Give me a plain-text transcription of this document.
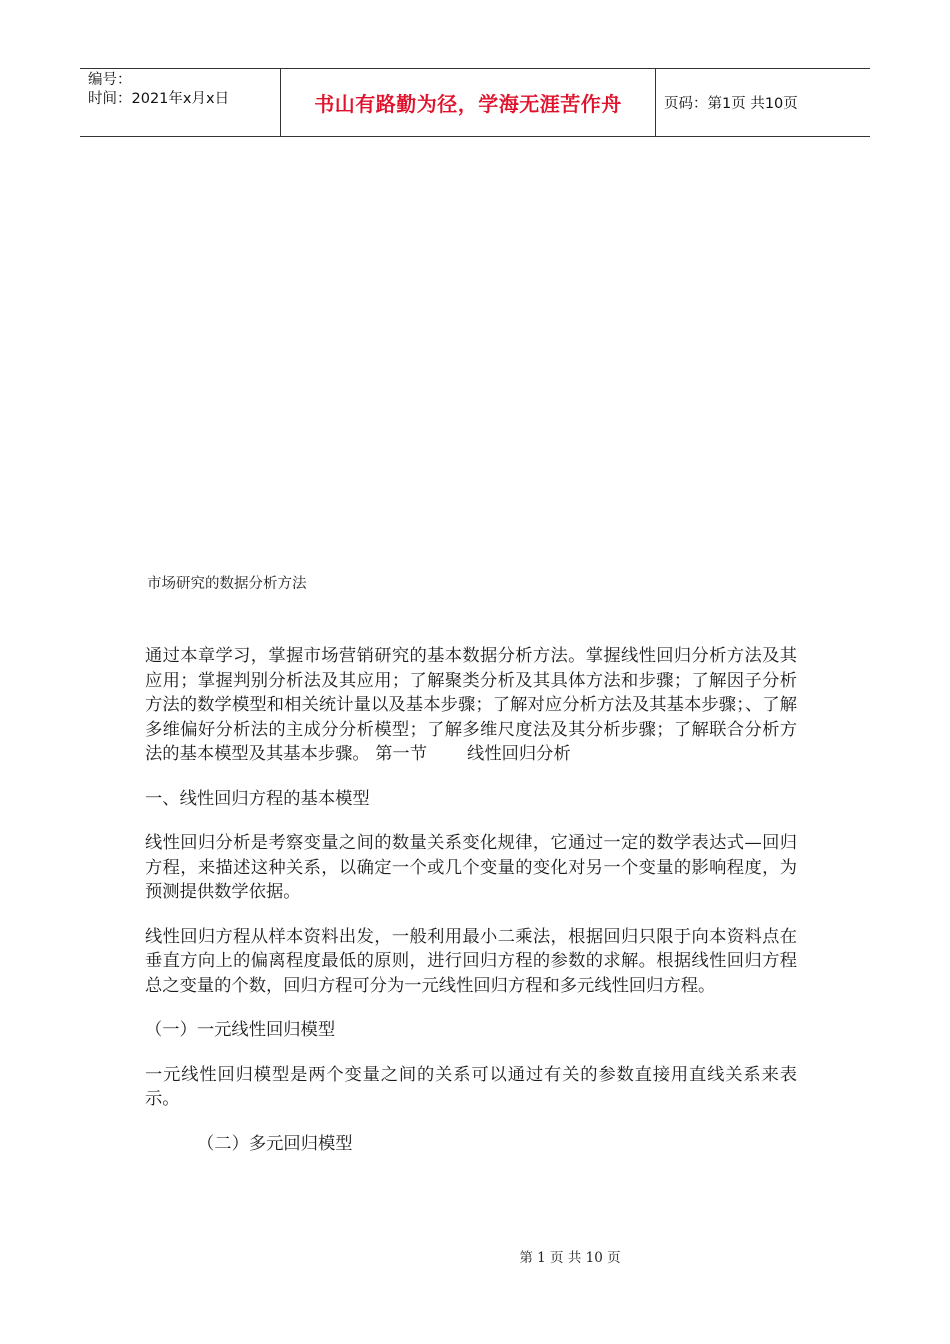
编号：
时间：2021年x月x日	书山有路勤为径，学海无涯苦作舟	页码：第1页 共10页
市场研究的数据分析方法

通过本章学习，掌握市场营销研究的基本数据分析方法。掌握线性回归分析方法及其应用；掌握判别分析法及其应用；了解聚类分析及其具体方法和步骤；了解因子分析方法的数学模型和相关统计量以及基本步骤；了解对应分析方法及其基本步骤；、了解多维偏好分析法的主成分分析模型；了解多维尺度法及其分析步骤；了解联合分析方法的基本模型及其基本步骤。 第一节　　 线性回归分析

一、线性回归方程的基本模型

线性回归分析是考察变量之间的数量关系变化规律，它通过一定的数学表达式—回归方程，来描述这种关系，以确定一个或几个变量的变化对另一个变量的影响程度，为预测提供数学依据。

线性回归方程从样本资料出发，一般利用最小二乘法，根据回归只限于向本资料点在垂直方向上的偏离程度最低的原则，进行回归方程的参数的求解。根据线性回归方程总之变量的个数，回归方程可分为一元线性回归方程和多元线性回归方程。

（一）一元线性回归模型

一元线性回归模型是两个变量之间的关系可以通过有关的参数直接用直线关系来表示。

（二）多元回归模型

第 1 页 共 10 页
